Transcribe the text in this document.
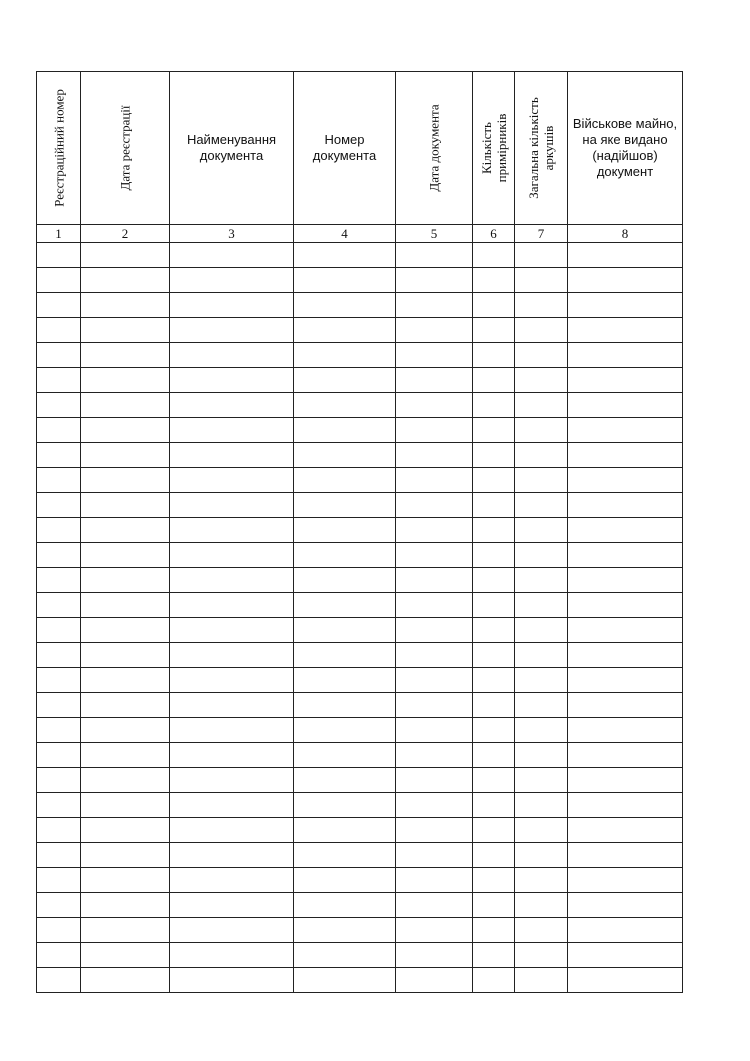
Реєстраційний номер	Дата реєстрації	Найменування документа	Номер документа	Дата документа	Кількість примірників	Загальна кількість аркушів	Військове майно, на яке видано (надійшов) документ
1	2	3	4	5	6	7	8
